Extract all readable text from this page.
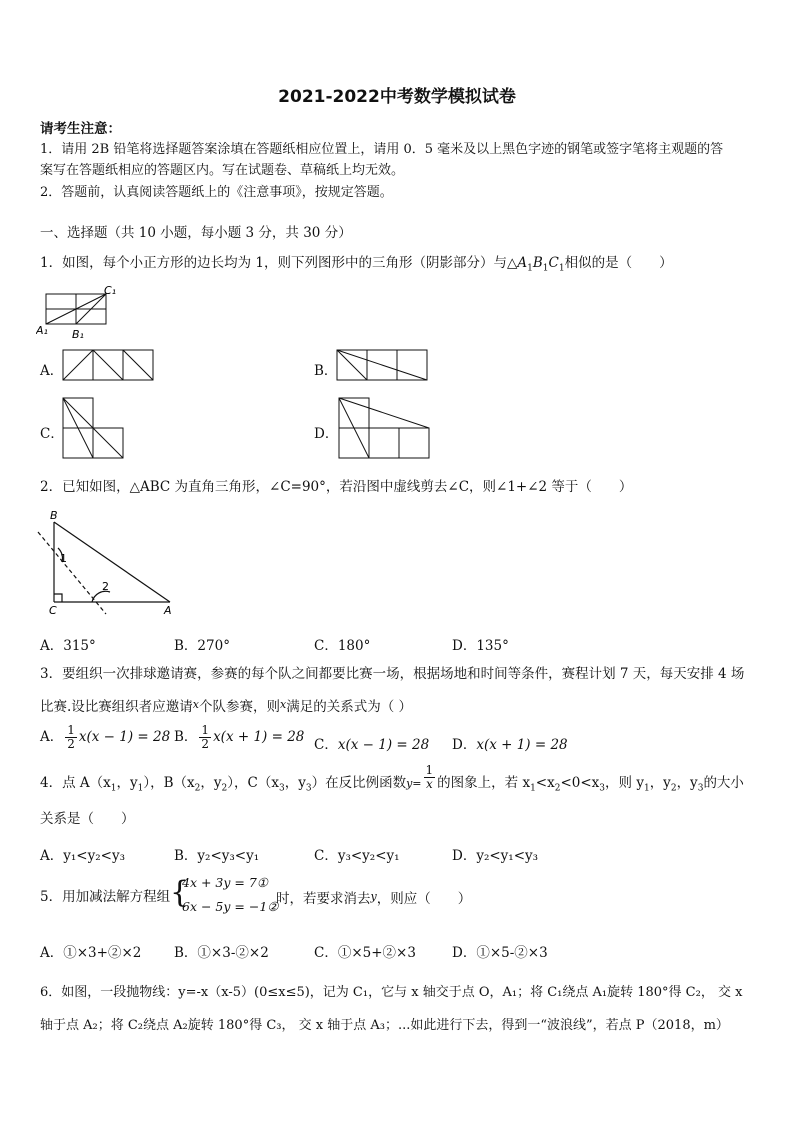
2021-2022中考数学模拟试卷
请考生注意：
1．请用 2B 铅笔将选择题答案涂填在答题纸相应位置上，请用 0．5 毫米及以上黑色字迹的钢笔或签字笔将主观题的答
案写在答题纸相应的答题区内。写在试题卷、草稿纸上均无效。
2．答题前，认真阅读答题纸上的《注意事项》，按规定答题。
一、选择题（共 10 小题，每小题 3 分，共 30 分）
1．如图，每个小正方形的边长均为 1，则下列图形中的三角形（阴影部分）与$\triangle A_1B_1C_1$相似的是（　　）
C₁
A₁ B₁
A．	B．
C．	D．
2．已知如图，△ABC 为直角三角形，∠C=90°，若沿图中虚线剪去∠C，则∠1+∠2 等于（　　）
B
C	A
1
2
A．315°	B．270°	C．180°	D．135°
3．要组织一次排球邀请赛，参赛的每个队之间都要比赛一场，根据场地和时间等条件，赛程计划 7 天，每天安排 4 场
比赛.设比赛组织者应邀请$^x$个队参赛，则$^x$满足的关系式为（ ）
A． $\frac{1}{2} x(x - 1) = 28$ B． $\frac{1}{2} x(x + 1) = 28$ C．x(x − 1) = 28 D．x(x + 1) = 28
4．点 $A(x_1$，$y_1$），$B(x_2$，$y_2$），$C(x_3$，$y_3$）在反比例函数$y= \frac{1}{x}$ 的图象上，若 $x_1<x_2<0<x_3$，则 $y_1$，$y_2$，$y_3$的大小
关系是（　　）
A．y₁<y₂<y₃	B．y₂<y₃<y₁	C．y₃<y₂<y₁	D．y₂<y₁<y₃
5．用加减法解方程组 {
4x + 3y = 7①
6x − 5y = −1②
时，若要求消去$^y$，则应（　　）
A．①×3+②×2 B．①×3-②×2	C．①×5+②×3	D．①×5-②×3
6．如图，一段抛物线：y=-x（x-5）(0≤x≤5)，记为 C₁，它与 x 轴交于点 O，A₁；将 C₁绕点 A₁旋转 180°得 C₂， 交 x
轴于点 A₂；将 C₂绕点 A₂旋转 180°得 C₃， 交 x 轴于点 A₃；...如此进行下去，得到一“波浪线”，若点 P（2018，m）
